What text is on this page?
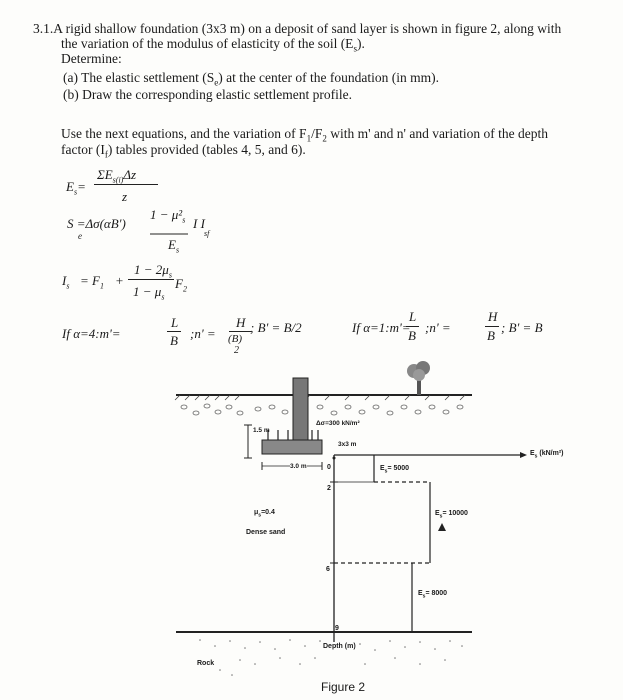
3.1.A rigid shallow foundation (3x3 m) on a deposit of sand layer is shown in figure 2, along with
the variation of the modulus of elasticity of the soil $(E_s)$.
Determine:
(a) The elastic settlement $(S_e)$ at the center of the foundation (in mm).
(b) Draw the corresponding elastic settlement profile.
Use the next equations, and the variation of $F_1/F_2$ with m' and n' and variation of the depth
factor $(I_f)$ tables provided (tables 4, 5, and 6).
$E_s=$
$\Sigma E_{s(i)}\Delta z$
z
S =Δσ(αB')
e
$1 - \mu^2_s$
$E_s$
I I
sf
$I_s = F_1$ +
$1 - 2\mu_s$
$F_2$
$1 - \mu_s$
If α=4:m'=
L
B ;n' =
H
(B)
2
; B' = B/2	If α=1:m'=
L
B
;n' =
H
B
; B' = B
1.5 m
Δσ=300 kN/m²
3x3 m
3.0 m
$E_s$ (kN/m²)
$E_s= 5000$
$E_s= 10000$
$E_s= 8000$
0
2
6
9
$\mu_s=0.4$
Dense sand
Depth (m)
Rock
Figure 2
